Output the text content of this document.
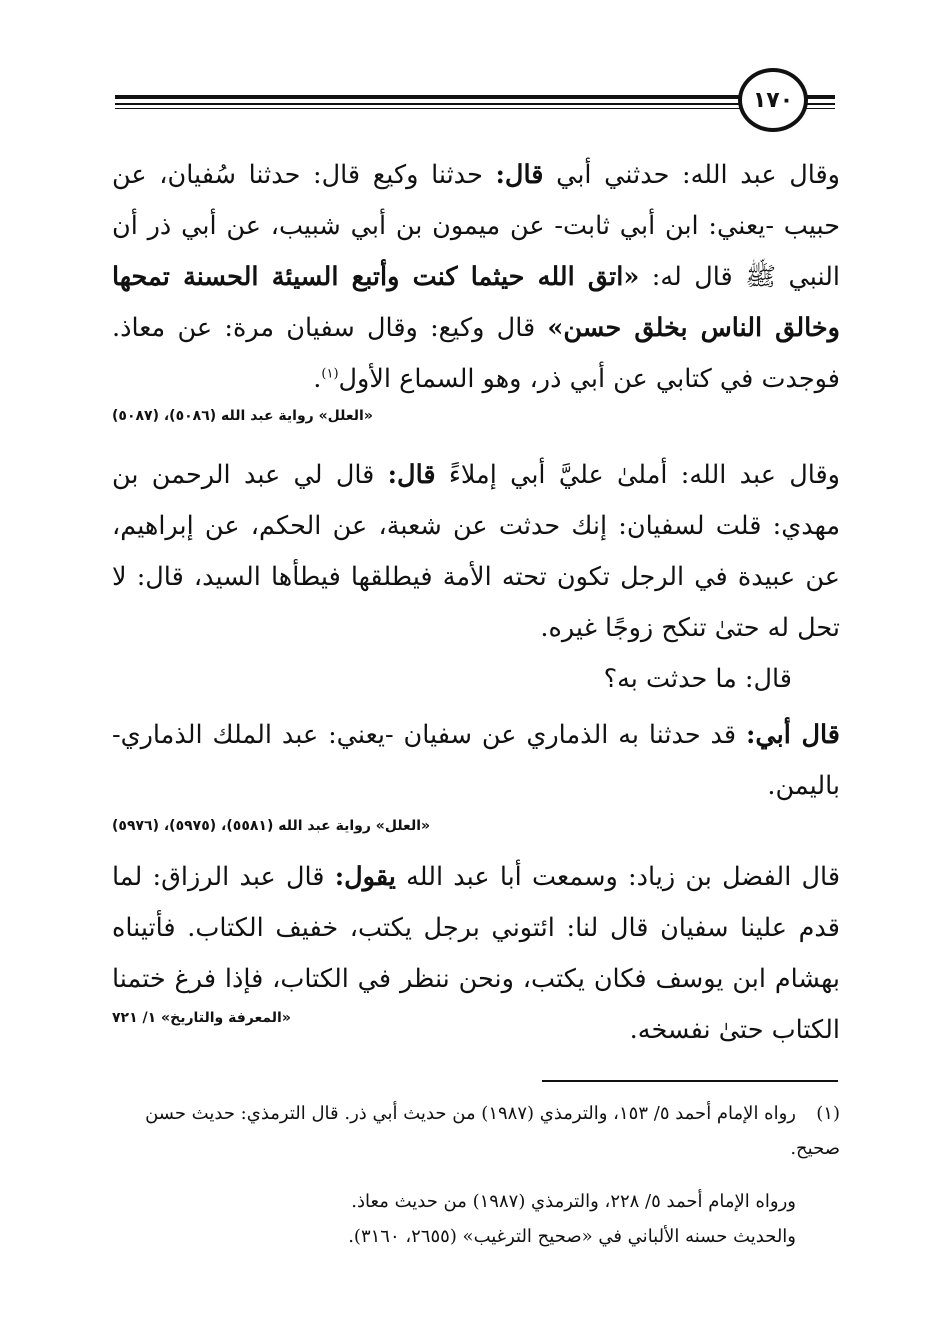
١٧٠
وقال عبد الله: حدثني أبي قال: حدثنا وكيع قال: حدثنا سُفيان، عن حبيب -يعني: ابن أبي ثابت- عن ميمون بن أبي شبيب، عن أبي ذر أن النبي ﷺ قال له: «اتق الله حيثما كنت وأتبع السيئة الحسنة تمحها وخالق الناس بخلق حسن» قال وكيع: وقال سفيان مرة: عن معاذ. فوجدت في كتابي عن أبي ذر، وهو السماع الأول$^{(١)}$.
«العلل» رواية عبد الله (٥٠٨٦)، (٥٠٨٧)
وقال عبد الله: أملىٰ عليَّ أبي إملاءً قال: قال لي عبد الرحمن بن مهدي: قلت لسفيان: إنك حدثت عن شعبة، عن الحكم، عن إبراهيم، عن عبيدة في الرجل تكون تحته الأمة فيطلقها فيطأها السيد، قال: لا تحل له حتىٰ تنكح زوجًا غيره.
قال: ما حدثت به؟
قال أبي: قد حدثنا به الذماري عن سفيان -يعني: عبد الملك الذماري- باليمن.
«العلل» رواية عبد الله (٥٥٨١)، (٥٩٧٥)، (٥٩٧٦)
قال الفضل بن زياد: وسمعت أبا عبد الله يقول: قال عبد الرزاق: لما قدم علينا سفيان قال لنا: ائتوني برجل يكتب، خفيف الكتاب. فأتيناه بهشام ابن يوسف فكان يكتب، ونحن ننظر في الكتاب، فإذا فرغ ختمنا الكتاب حتىٰ نفسخه.
«المعرفة والتاريخ» ١/ ٧٢١
(١)رواه الإمام أحمد ٥/ ١٥٣، والترمذي (١٩٨٧) من حديث أبي ذر. قال الترمذي: حديث حسن صحيح.
ورواه الإمام أحمد ٥/ ٢٢٨، والترمذي (١٩٨٧) من حديث معاذ.
والحديث حسنه الألباني في «صحيح الترغيب» (٢٦٥٥، ٣١٦٠).
